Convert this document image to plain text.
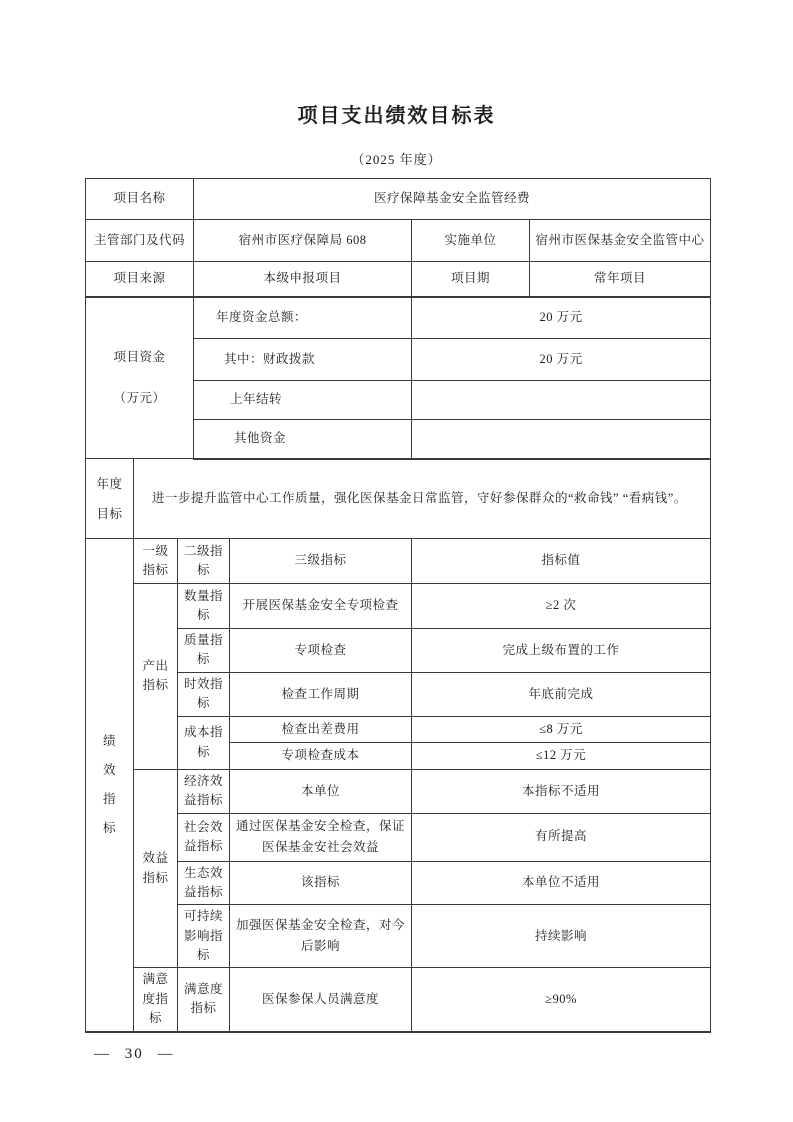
项目支出绩效目标表
（2025 年度）
项目名称			医疗保障基金安全监管经费			
主管部门及代码			宿州市医疗保障局 608		实施单位	宿州市医保基金安全监管中心
项目来源			本级申报项目		项目期	常年项目

项目资金
（万元）			年度资金总额：		20 万元	
			其中：财政拨款		20 万元	
			上年结转			
			其他资金			

年度目标	进一步提升监管中心工作质量，强化医保基金日常监管，守好参保群众的“救命钱” “看病钱”。					

绩效指标	一级指标	二级指标		三级指标	指标值	
	产出指标	数量指标		开展医保基金安全专项检查	≥2 次	
		质量指标		专项检查	完成上级布置的工作	
		时效指标		检查工作周期	年底前完成	
		成本指标		检查出差费用	≤8 万元	
				专项检查成本	≤12 万元	
	效益指标	经济效益指标		本单位	本指标不适用	
		社会效益指标		通过医保基金安全检查，保证医保基金安社会效益	有所提高	
		生态效益指标		该指标	本单位不适用	
		可持续影响指标		加强医保基金安全检查，对今后影响	持续影响	
	满意度指标	满意度指标		医保参保人员满意度	≥90%	
— 30 —
